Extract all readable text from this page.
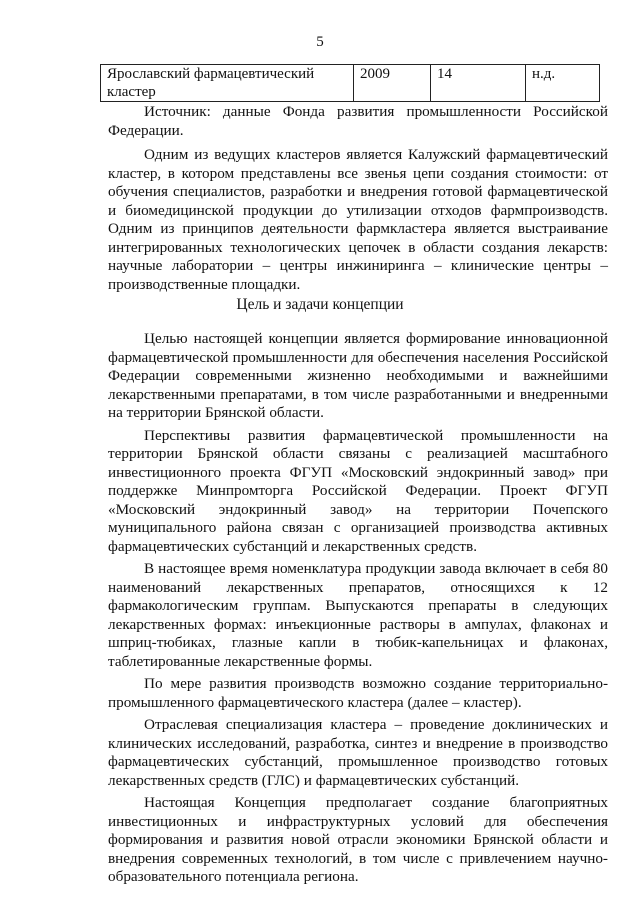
5
Ярославский фармацевтический кластер	2009	14	н.д.

Источник: данные Фонда развития промышленности Российской Федерации.

Одним из ведущих кластеров является Калужский фармацевтический кластер, в котором представлены все звенья цепи создания стоимости: от обучения специалистов, разработки и внедрения готовой фармацевтической и биомедицинской продукции до утилизации отходов фармпроизводств. Одним из принципов деятельности фармкластера является выстраивание интегрированных технологических цепочек в области создания лекарств: научные лаборатории – центры инжиниринга – клинические центры – производственные площадки.

Цель и задачи концепции

Целью настоящей концепции является формирование инновационной фармацевтической промышленности для обеспечения населения Российской Федерации современными жизненно необходимыми и важнейшими лекарственными препаратами, в том числе разработанными и внедренными на территории Брянской области.

Перспективы развития фармацевтической промышленности на территории Брянской области связаны с реализацией масштабного инвестиционного проекта ФГУП «Московский эндокринный завод» при поддержке Минпромторга Российской Федерации. Проект ФГУП «Московский эндокринный завод» на территории Почепского муниципального района связан с организацией производства активных фармацевтических субстанций и лекарственных средств.

В настоящее время номенклатура продукции завода включает в себя 80 наименований лекарственных препаратов, относящихся к 12 фармакологическим группам. Выпускаются препараты в следующих лекарственных формах: инъекционные растворы в ампулах, флаконах и шприц-тюбиках, глазные капли в тюбик-капельницах и флаконах, таблетированные лекарственные формы.

По мере развития производств возможно создание территориально-промышленного фармацевтического кластера (далее – кластер).

Отраслевая специализация кластера – проведение доклинических и клинических исследований, разработка, синтез и внедрение в производство фармацевтических субстанций, промышленное производство готовых лекарственных средств (ГЛС) и фармацевтических субстанций.

Настоящая Концепция предполагает создание благоприятных инвестиционных и инфраструктурных условий для обеспечения формирования и развития новой отрасли экономики Брянской области и внедрения современных технологий, в том числе с привлечением научно-образовательного потенциала региона.
